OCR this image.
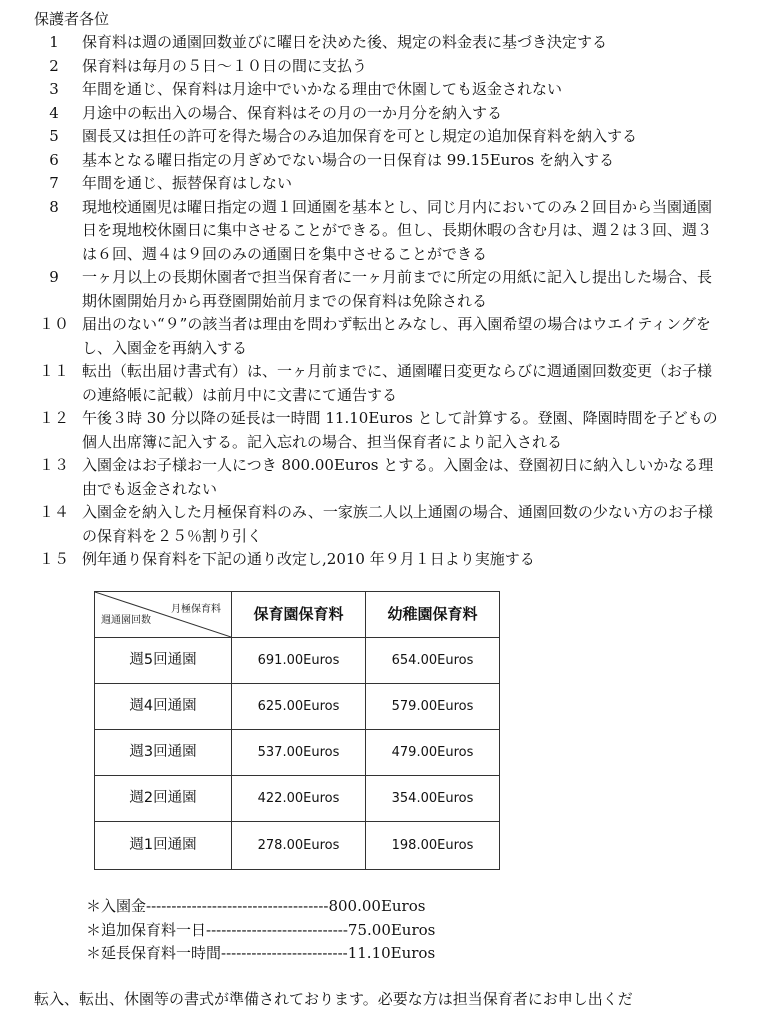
保護者各位
1	保育料は週の通園回数並びに曜日を決めた後、規定の料金表に基づき決定する
2	保育料は毎月の５日～１０日の間に支払う
3	年間を通じ、保育料は月途中でいかなる理由で休園しても返金されない
4	月途中の転出入の場合、保育料はその月の一か月分を納入する
5	園長又は担任の許可を得た場合のみ追加保育を可とし規定の追加保育料を納入する
6	基本となる曜日指定の月ぎめでない場合の一日保育は 99.15Euros を納入する
7	年間を通じ、振替保育はしない
8	現地校通園児は曜日指定の週１回通園を基本とし、同じ月内においてのみ２回目から当園通園日を現地校休園日に集中させることができる。但し、長期休暇の含む月は、週２は３回、週３は６回、週４は９回のみの通園日を集中させることができる
9	一ヶ月以上の長期休園者で担当保育者に一ヶ月前までに所定の用紙に記入し提出した場合、長期休園開始月から再登園開始前月までの保育料は免除される
１０ 届出のない“９”の該当者は理由を問わず転出とみなし、再入園希望の場合はウエイティングをし、入園金を再納入する
１１ 転出（転出届け書式有）は、一ヶ月前までに、通園曜日変更ならびに週通園回数変更（お子様の連絡帳に記載）は前月中に文書にて通告する
１２ 午後３時 30 分以降の延長は一時間 11.10Euros として計算する。登園、降園時間を子どもの個人出席簿に記入する。記入忘れの場合、担当保育者により記入される
１３ 入園金はお子様お一人につき 800.00Euros とする。入園金は、登園初日に納入しいかなる理由でも返金されない
１４ 入園金を納入した月極保育料のみ、一家族二人以上通園の場合、通園回数の少ない方のお子様の保育料を２５％割り引く
１５ 例年通り保育料を下記の通り改定し,2010 年９月１日より実施する
月極保育料
週通園回数	保育園保育料	幼稚園保育料
週5回通園	691.00Euros	654.00Euros
週4回通園	625.00Euros	579.00Euros
週3回通園	537.00Euros	479.00Euros
週2回通園	422.00Euros	354.00Euros
週1回通園	278.00Euros	198.00Euros
＊入園金------------------------------------800.00Euros
＊追加保育料一日----------------------------75.00Euros
＊延長保育料一時間-------------------------11.10Euros
転入、転出、休園等の書式が準備されております。必要な方は担当保育者にお申し出くだ
